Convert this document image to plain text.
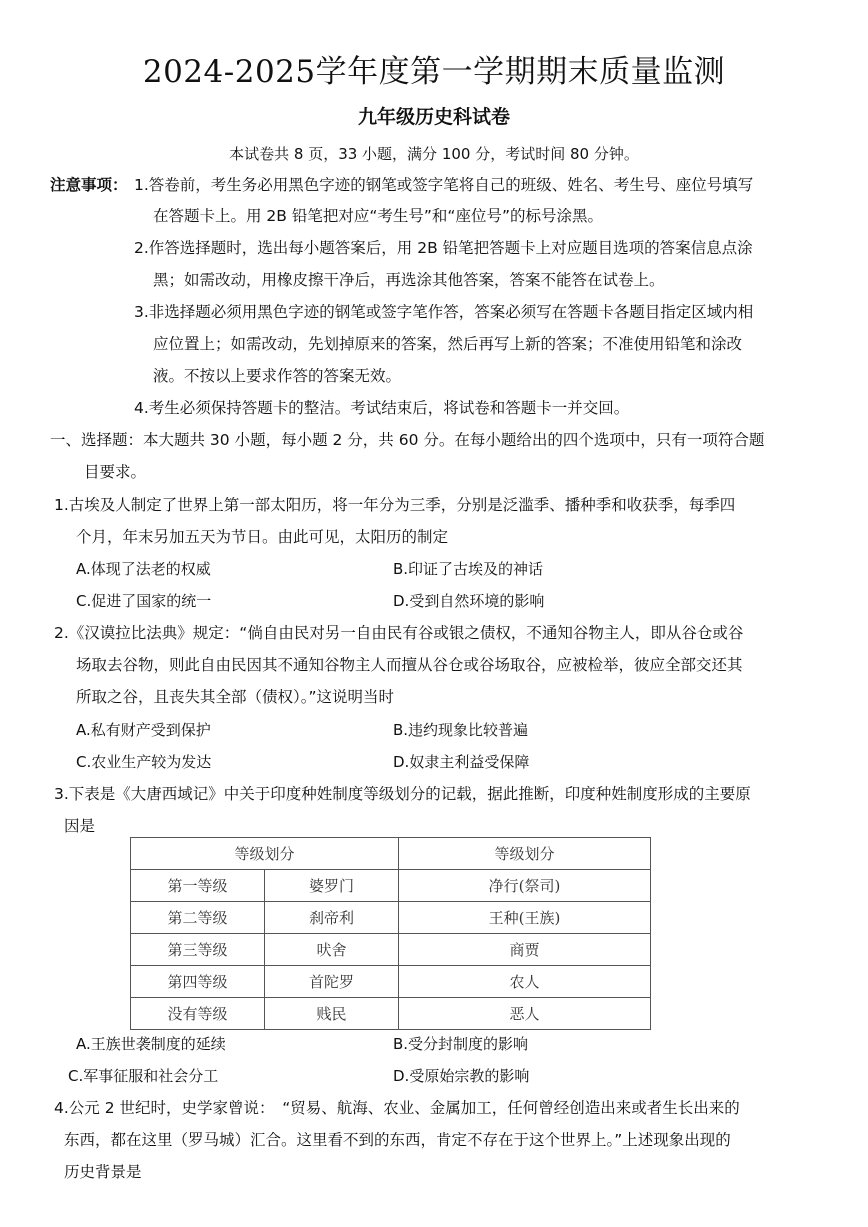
2024-2025学年度第一学期期末质量监测
九年级历史科试卷
本试卷共 8 页，33 小题，满分 100 分，考试时间 80 分钟。
注意事项： 1.答卷前，考生务必用黑色字迹的钢笔或签字笔将自己的班级、姓名、考生号、座位号填写
在答题卡上。用 2B 铅笔把对应“考生号”和“座位号”的标号涂黑。
2.作答选择题时，选出每小题答案后，用 2B 铅笔把答题卡上对应题目选项的答案信息点涂
黑；如需改动，用橡皮擦干净后，再选涂其他答案，答案不能答在试卷上。
3.非选择题必须用黑色字迹的钢笔或签字笔作答，答案必须写在答题卡各题目指定区域内相
应位置上；如需改动，先划掉原来的答案，然后再写上新的答案；不准使用铅笔和涂改
液。不按以上要求作答的答案无效。
4.考生必须保持答题卡的整洁。考试结束后，将试卷和答题卡一并交回。
一、选择题：本大题共 30 小题，每小题 2 分，共 60 分。在每小题给出的四个选项中，只有一项符合题
目要求。
1.古埃及人制定了世界上第一部太阳历，将一年分为三季，分别是泛滥季、播种季和收获季，每季四
个月，年末另加五天为节日。由此可见，太阳历的制定
A.体现了法老的权威	B.印证了古埃及的神话
C.促进了国家的统一	D.受到自然环境的影响
2.《汉谟拉比法典》规定：“倘自由民对另一自由民有谷或银之债权，不通知谷物主人，即从谷仓或谷
场取去谷物，则此自由民因其不通知谷物主人而擅从谷仓或谷场取谷，应被检举，彼应全部交还其
所取之谷，且丧失其全部（债权）。”这说明当时
A.私有财产受到保护	B.违约现象比较普遍
C.农业生产较为发达	D.奴隶主利益受保障
3.下表是《大唐西域记》中关于印度种姓制度等级划分的记载，据此推断，印度种姓制度形成的主要原
因是
等级划分		等级划分
第一等级	婆罗门	净行(祭司)
第二等级	刹帝利	王种(王族)
第三等级	吠舍	商贾
第四等级	首陀罗	农人
没有等级	贱民	恶人
A.王族世袭制度的延续	B.受分封制度的影响
C.军事征服和社会分工	D.受原始宗教的影响
4.公元 2 世纪时，史学家曾说：　“贸易、航海、农业、金属加工，任何曾经创造出来或者生长出来的
东西，都在这里（罗马城）汇合。这里看不到的东西，肯定不存在于这个世界上。”上述现象出现的
历史背景是
